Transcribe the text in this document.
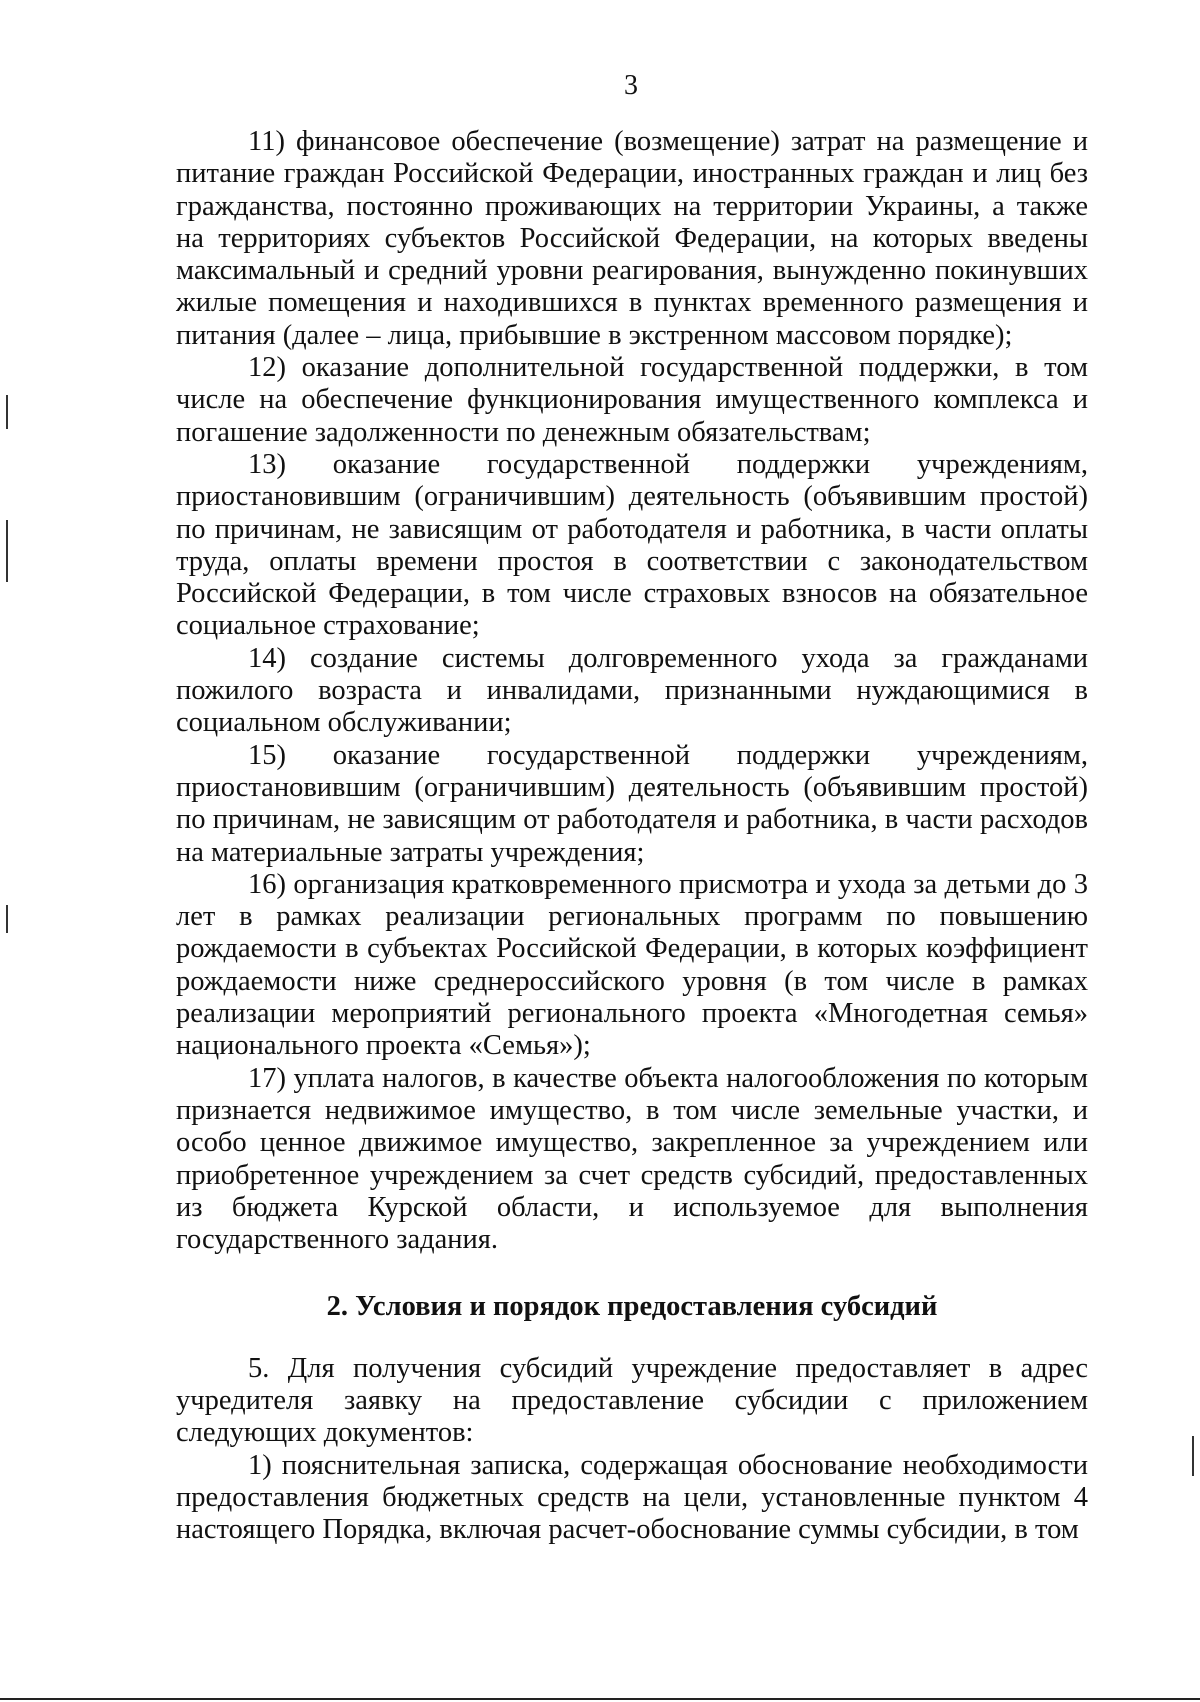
3

11) финансовое обеспечение (возмещение) затрат на размещение и питание граждан Российской Федерации, иностранных граждан и лиц без гражданства, постоянно проживающих на территории Украины, а также на территориях субъектов Российской Федерации, на которых введены максимальный и средний уровни реагирования, вынужденно покинувших жилые помещения и находившихся в пунктах временного размещения и питания (далее – лица, прибывшие в экстренном массовом порядке);

12) оказание дополнительной государственной поддержки, в том числе на обеспечение функционирования имущественного комплекса и погашение задолженности по денежным обязательствам;

13) оказание государственной поддержки учреждениям, приостановившим (ограничившим) деятельность (объявившим простой) по причинам, не зависящим от работодателя и работника, в части оплаты труда, оплаты времени простоя в соответствии с законодательством Российской Федерации, в том числе страховых взносов на обязательное социальное страхование;

14) создание системы долговременного ухода за гражданами пожилого возраста и инвалидами, признанными нуждающимися в социальном обслуживании;

15) оказание государственной поддержки учреждениям, приостановившим (ограничившим) деятельность (объявившим простой) по причинам, не зависящим от работодателя и работника, в части расходов на материальные затраты учреждения;

16) организация кратковременного присмотра и ухода за детьми до 3 лет в рамках реализации региональных программ по повышению рождаемости в субъектах Российской Федерации, в которых коэффициент рождаемости ниже среднероссийского уровня (в том числе в рамках реализации мероприятий регионального проекта «Многодетная семья» национального проекта «Семья»);

17) уплата налогов, в качестве объекта налогообложения по которым признается недвижимое имущество, в том числе земельные участки, и особо ценное движимое имущество, закрепленное за учреждением или приобретенное учреждением за счет средств субсидий, предоставленных из бюджета Курской области, и используемое для выполнения государственного задания.

2. Условия и порядок предоставления субсидий

5. Для получения субсидий учреждение предоставляет в адрес учредителя заявку на предоставление субсидии с приложением следующих документов:

1) пояснительная записка, содержащая обоснование необходимости предоставления бюджетных средств на цели, установленные пунктом 4 настоящего Порядка, включая расчет-обоснование суммы субсидии, в том
